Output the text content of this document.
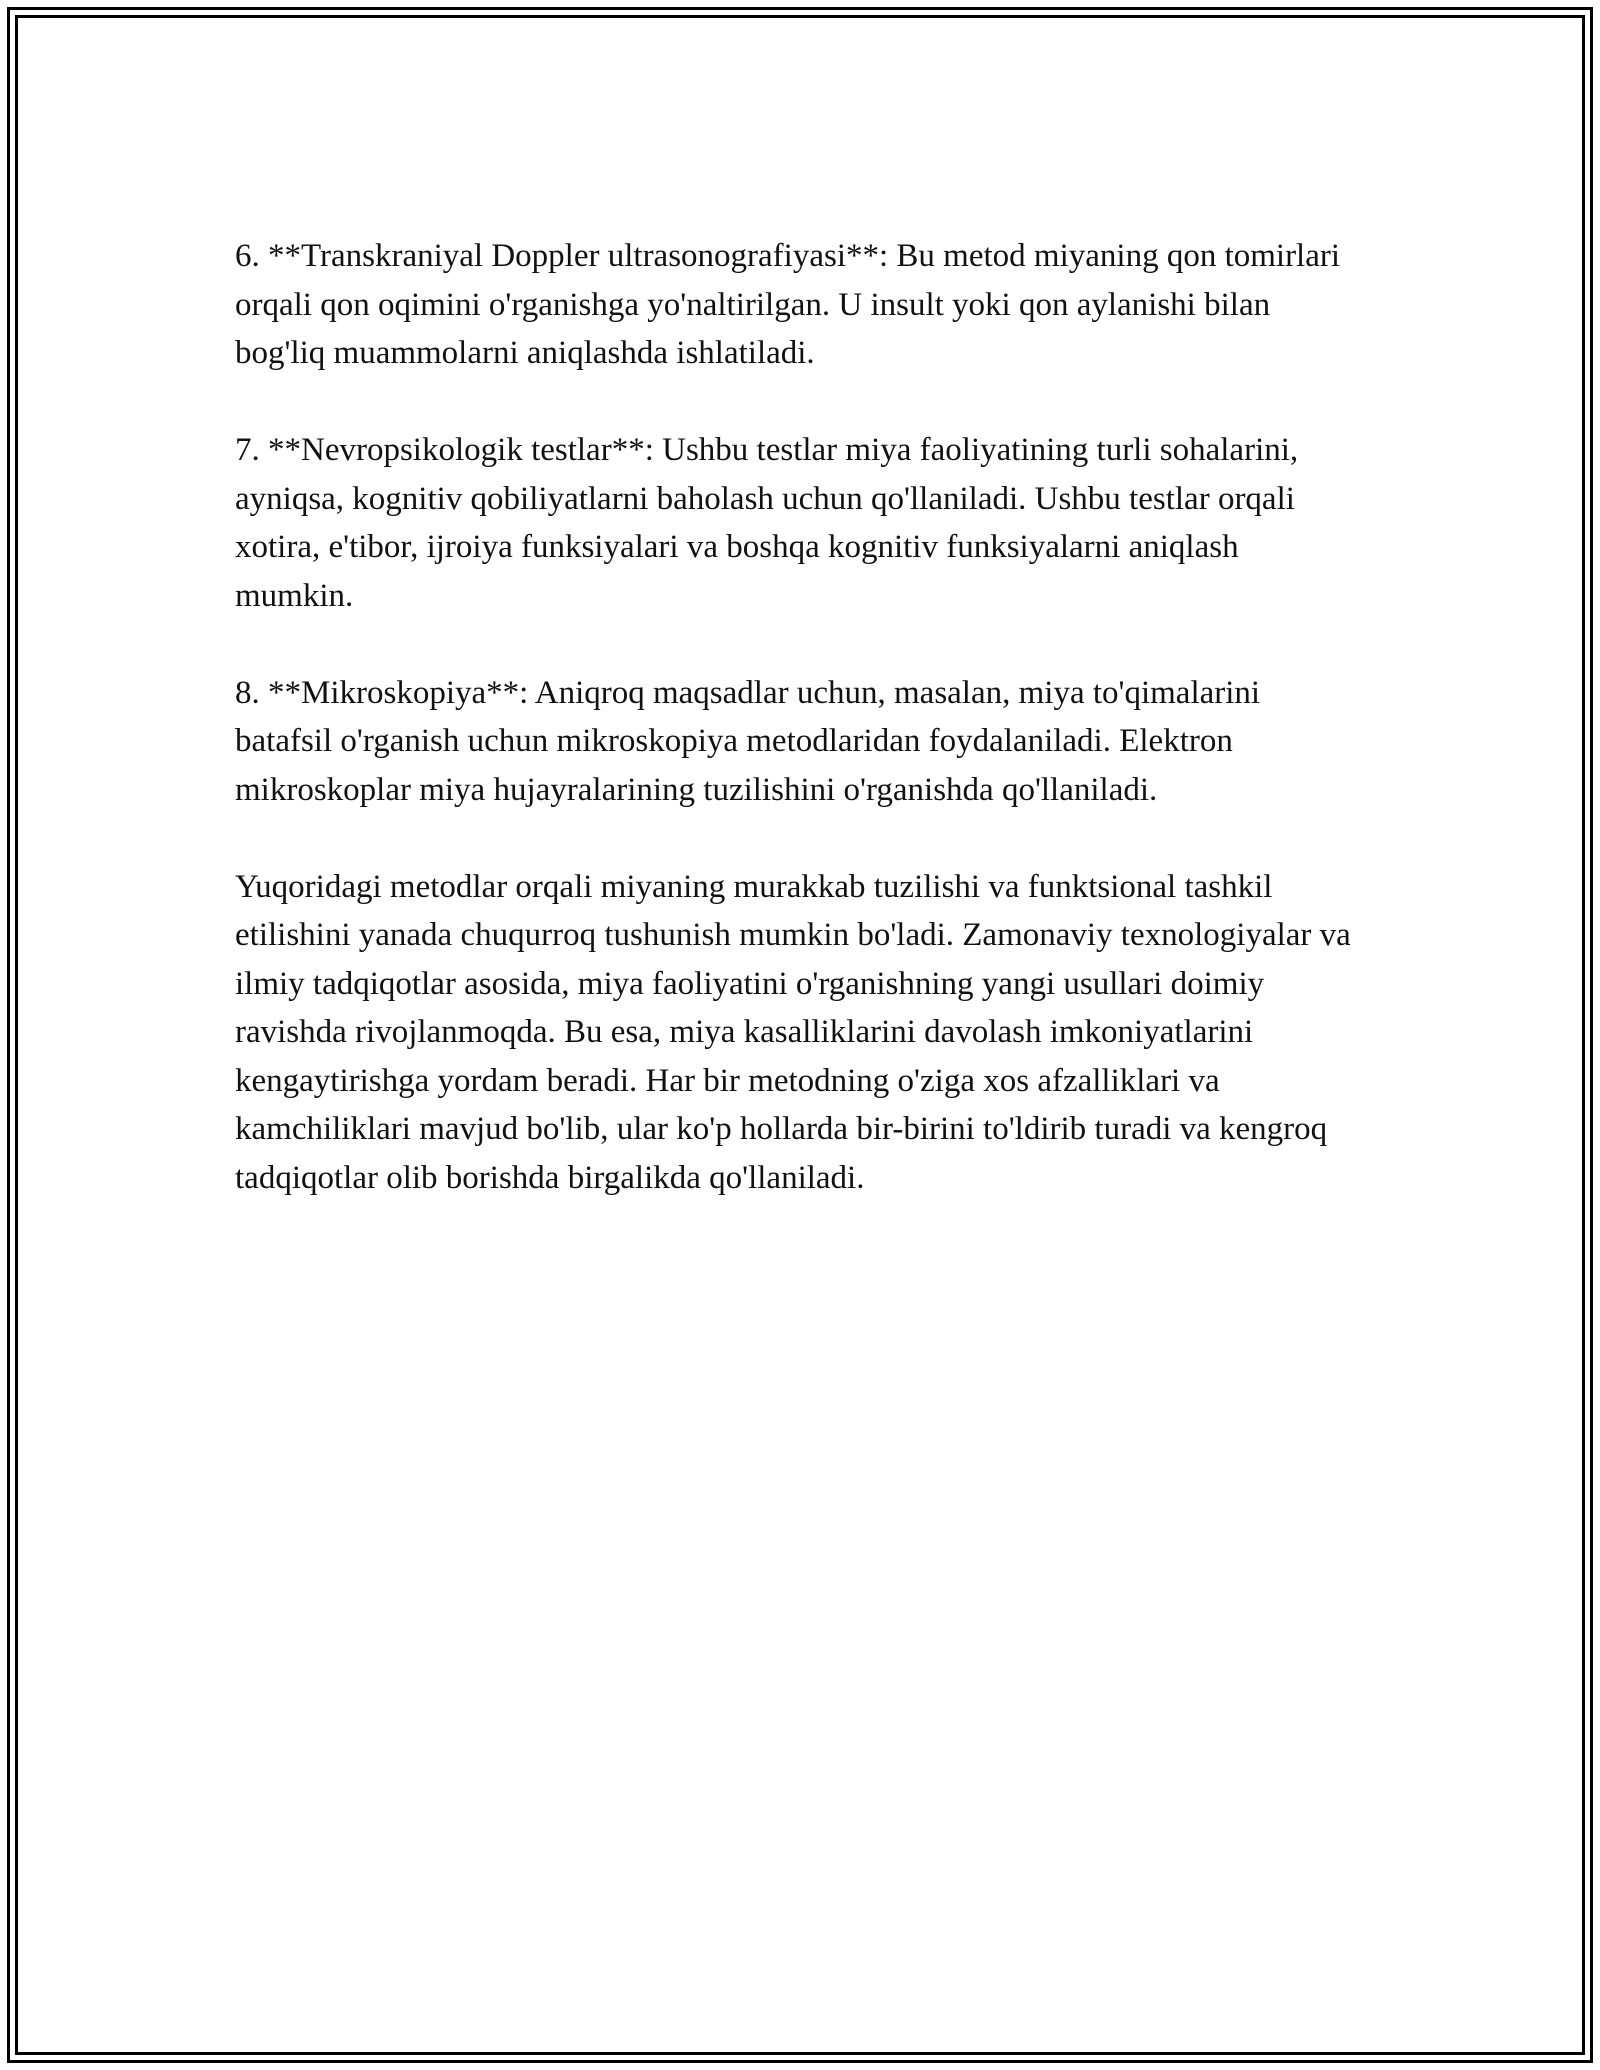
6. **Transkraniyal Doppler ultrasonografiyasi**: Bu metod miyaning qon tomirlari orqali qon oqimini o'rganishga yo'naltirilgan. U insult yoki qon aylanishi bilan bog'liq muammolarni aniqlashda ishlatiladi.

7. **Nevropsikologik testlar**: Ushbu testlar miya faoliyatining turli sohalarini, ayniqsa, kognitiv qobiliyatlarni baholash uchun qo'llaniladi. Ushbu testlar orqali xotira, e'tibor, ijroiya funksiyalari va boshqa kognitiv funksiyalarni aniqlash mumkin.

8. **Mikroskopiya**: Aniqroq maqsadlar uchun, masalan, miya to'qimalarini batafsil o'rganish uchun mikroskopiya metodlaridan foydalaniladi. Elektron mikroskoplar miya hujayralarining tuzilishini o'rganishda qo'llaniladi.

Yuqoridagi metodlar orqali miyaning murakkab tuzilishi va funktsional tashkil etilishini yanada chuqurroq tushunish mumkin bo'ladi. Zamonaviy texnologiyalar va ilmiy tadqiqotlar asosida, miya faoliyatini o'rganishning yangi usullari doimiy ravishda rivojlanmoqda. Bu esa, miya kasalliklarini davolash imkoniyatlarini kengaytirishga yordam beradi. Har bir metodning o'ziga xos afzalliklari va kamchiliklari mavjud bo'lib, ular ko'p hollarda bir-birini to'ldirib turadi va kengroq tadqiqotlar olib borishda birgalikda qo'llaniladi.
